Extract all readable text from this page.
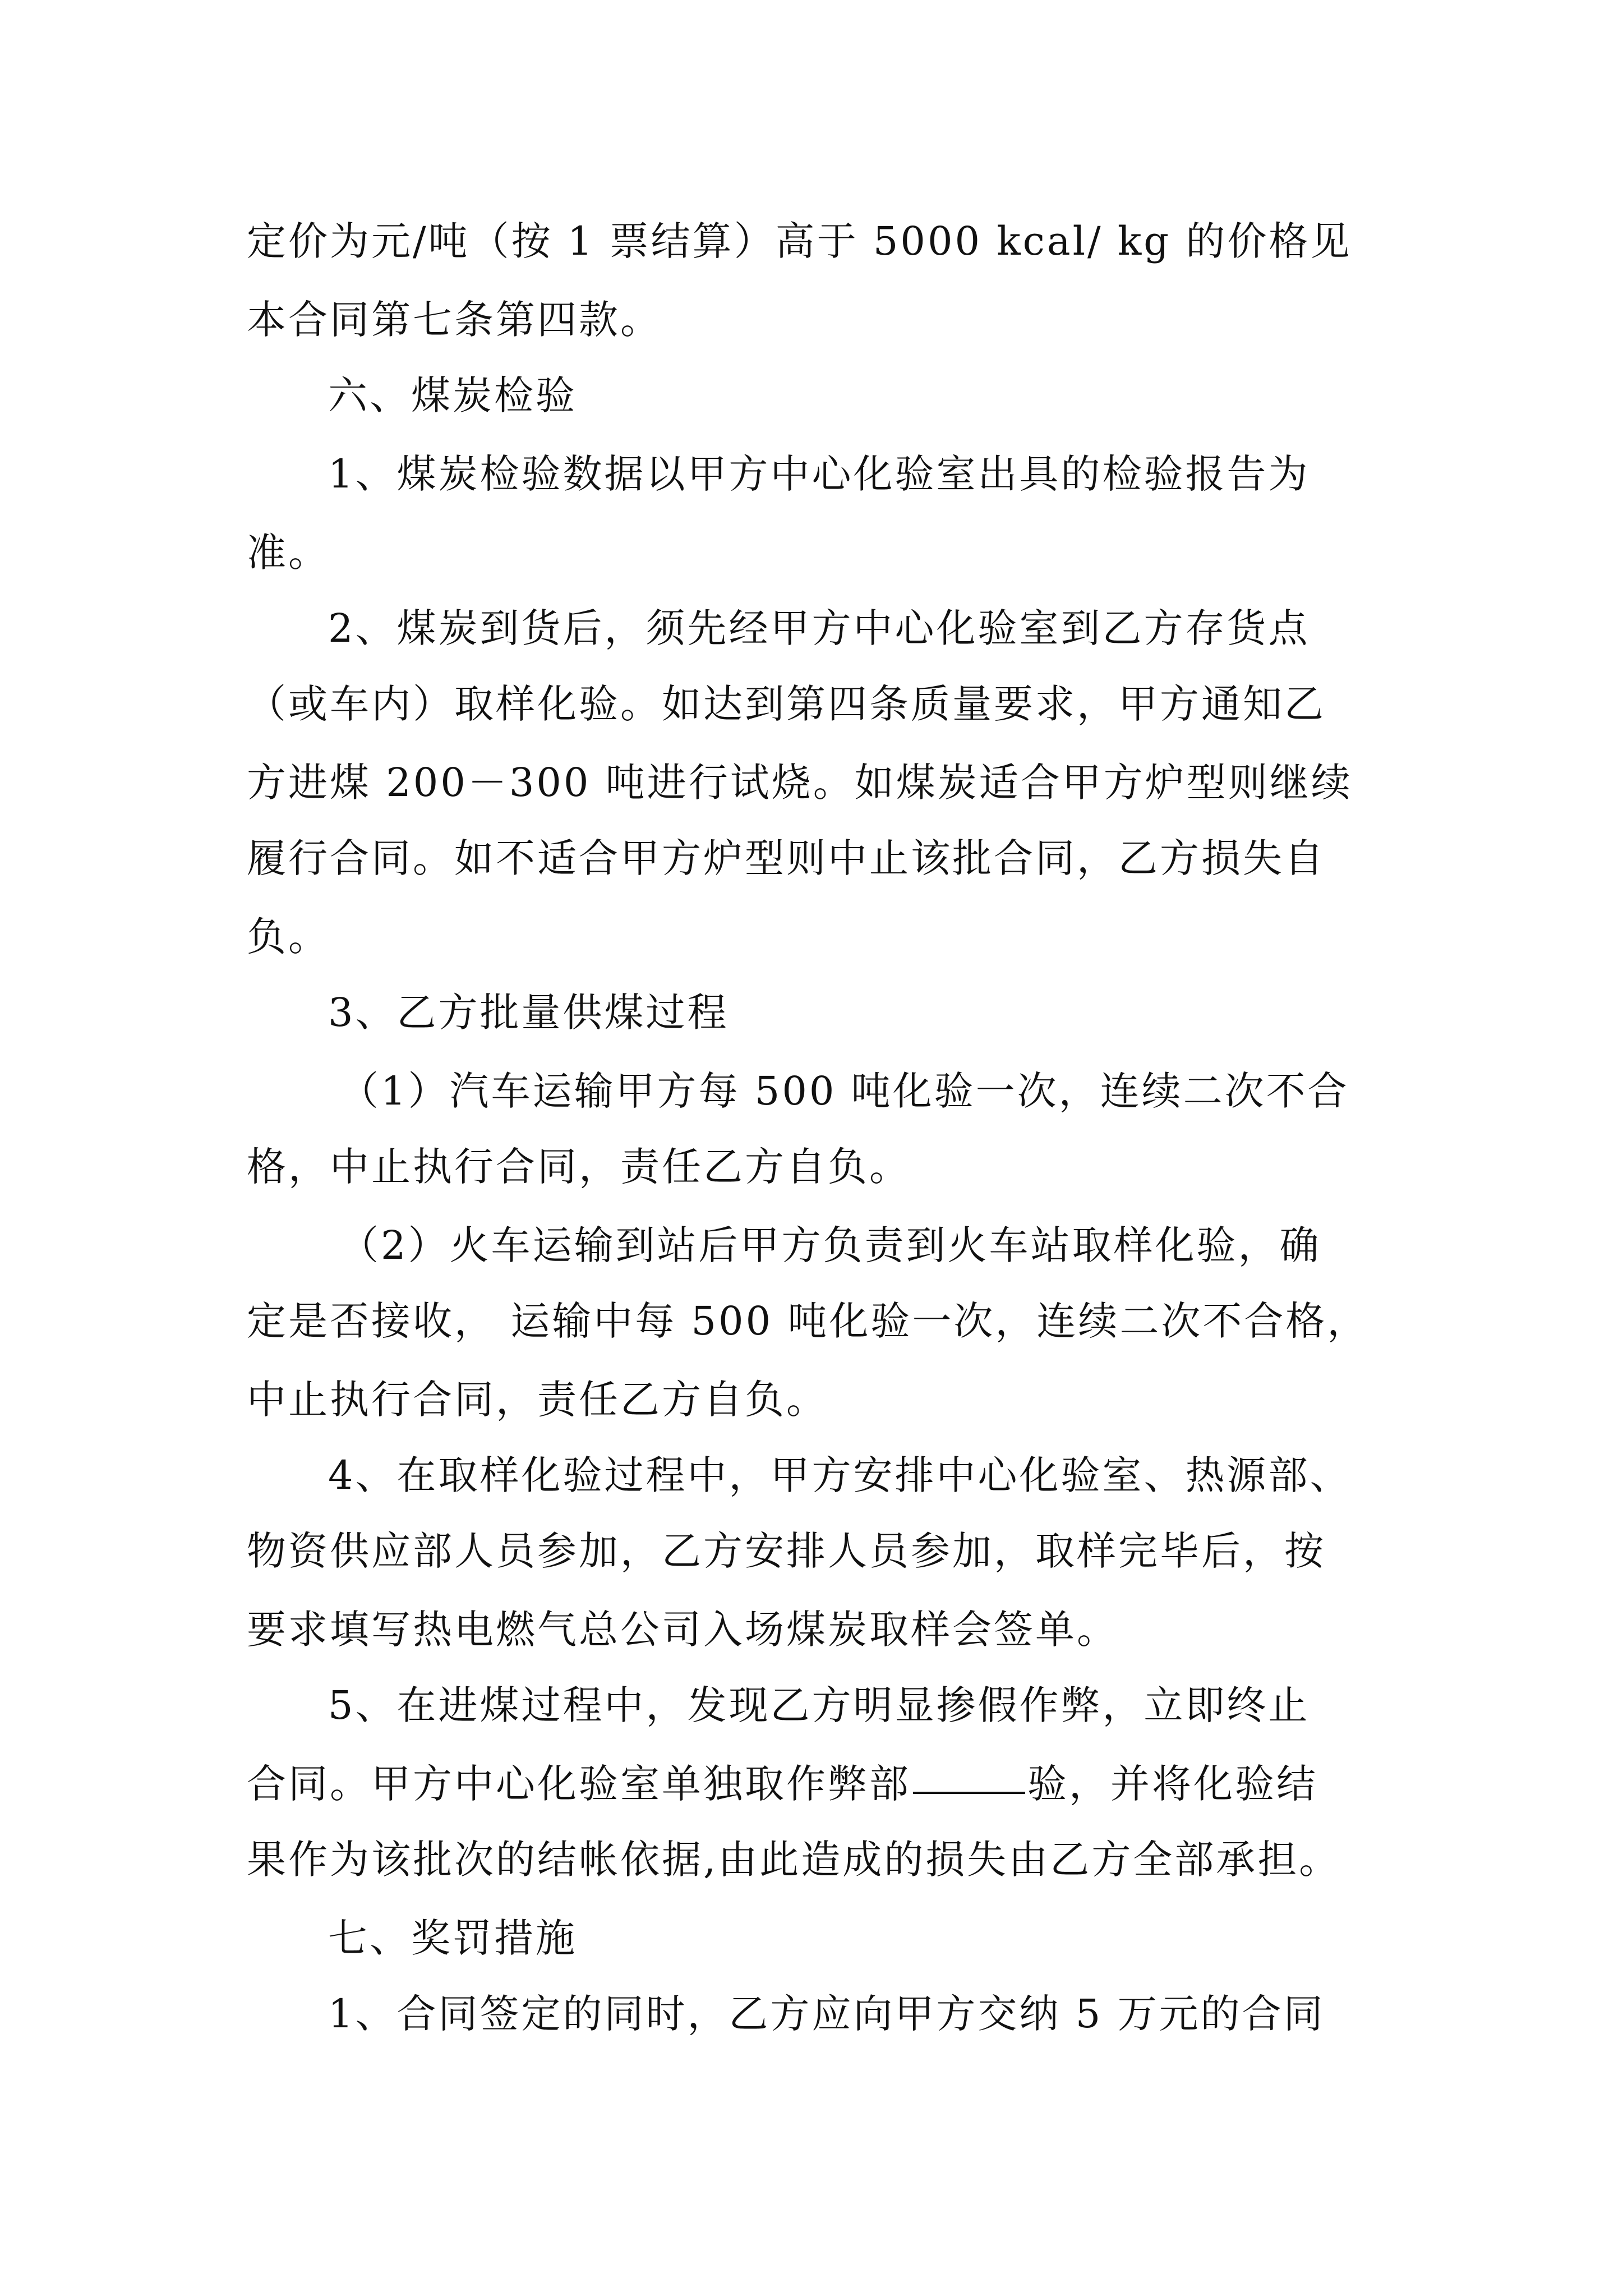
定价为元/吨（按 1 票结算）高于 5000 kcal/ kg 的价格见
本合同第七条第四款。
六、煤炭检验
1、煤炭检验数据以甲方中心化验室出具的检验报告为
准。
2、煤炭到货后，须先经甲方中心化验室到乙方存货点
（或车内）取样化验。如达到第四条质量要求，甲方通知乙
方进煤 200－300 吨进行试烧。如煤炭适合甲方炉型则继续
履行合同。如不适合甲方炉型则中止该批合同，乙方损失自
负。
3、乙方批量供煤过程
（1）汽车运输甲方每 500 吨化验一次，连续二次不合
格，中止执行合同，责任乙方自负。
（2）火车运输到站后甲方负责到火车站取样化验，确
定是否接收， 运输中每 500 吨化验一次，连续二次不合格，
中止执行合同，责任乙方自负。
4、在取样化验过程中，甲方安排中心化验室、热源部、
物资供应部人员参加，乙方安排人员参加，取样完毕后，按
要求填写热电燃气总公司入场煤炭取样会签单。
5、在进煤过程中，发现乙方明显掺假作弊，立即终止
合同。甲方中心化验室单独取作弊部	验，并将化验结
果作为该批次的结帐依据,由此造成的损失由乙方全部承担。
七、奖罚措施
1、合同签定的同时，乙方应向甲方交纳 5 万元的合同
